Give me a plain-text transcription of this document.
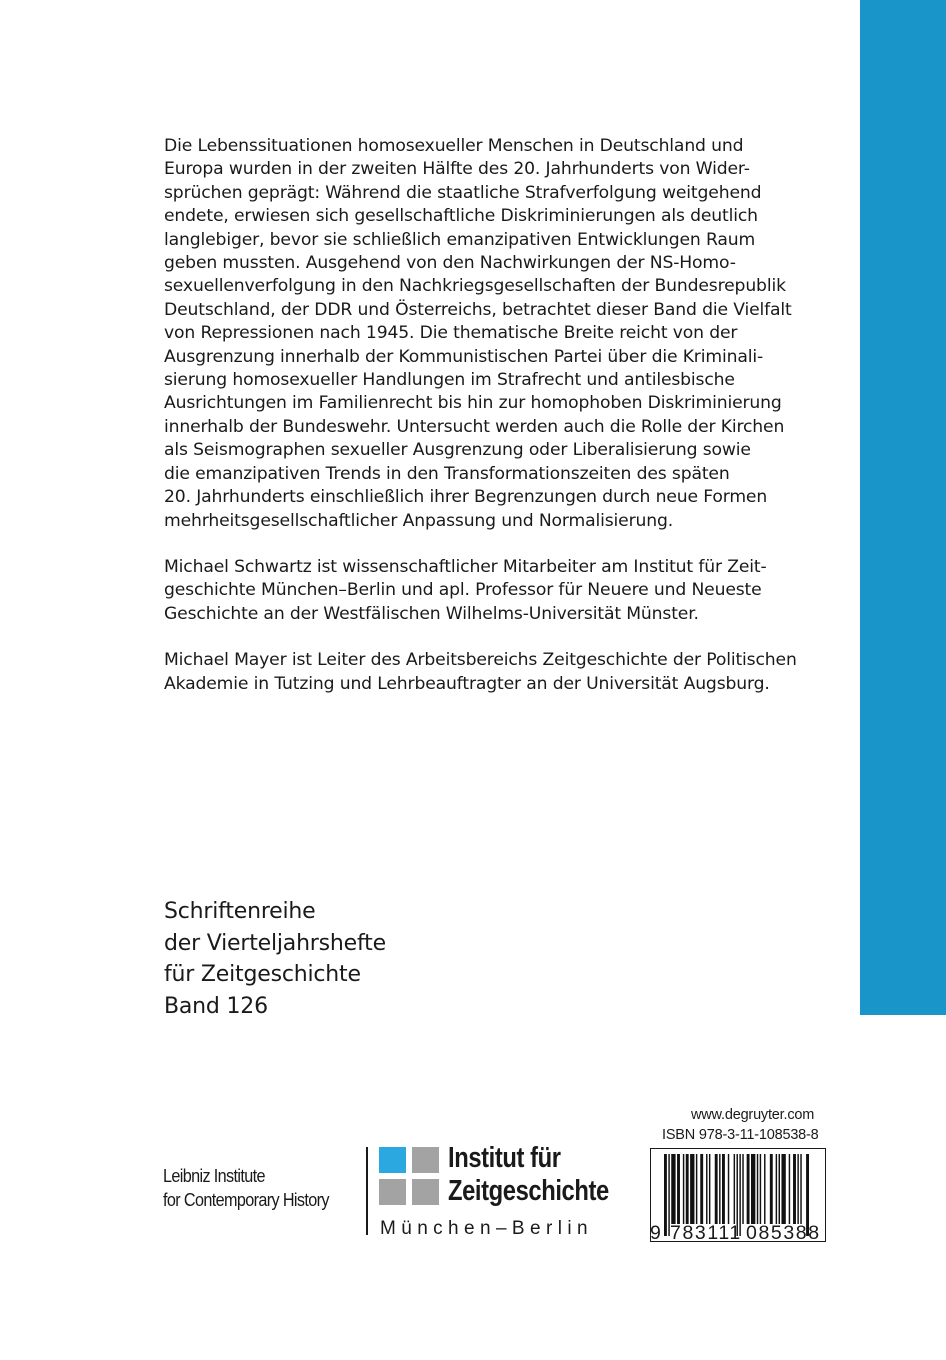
Die Lebenssituationen homosexueller Menschen in Deutschland und
Europa wurden in der zweiten Hälfte des 20. Jahrhunderts von Wider-
sprüchen geprägt: Während die staatliche Strafverfolgung weitgehend
endete, erwiesen sich gesellschaftliche Diskriminierungen als deutlich
langlebiger, bevor sie schließlich emanzipativen Entwicklungen Raum
geben mussten. Ausgehend von den Nachwirkungen der NS-Homo-
sexuellenverfolgung in den Nachkriegsgesellschaften der Bundesrepublik
Deutschland, der DDR und Österreichs, betrachtet dieser Band die Vielfalt
von Repressionen nach 1945. Die thematische Breite reicht von der
Ausgrenzung innerhalb der Kommunistischen Partei über die Kriminali-
sierung homosexueller Handlungen im Strafrecht und antilesbische
Ausrichtungen im Familienrecht bis hin zur homophoben Diskriminierung
innerhalb der Bundeswehr. Untersucht werden auch die Rolle der Kirchen
als Seismographen sexueller Ausgrenzung oder Liberalisierung sowie
die emanzipativen Trends in den Transformationszeiten des späten
20. Jahrhunderts einschließlich ihrer Begrenzungen durch neue Formen
mehrheitsgesellschaftlicher Anpassung und Normalisierung.

Michael Schwartz ist wissenschaftlicher Mitarbeiter am Institut für Zeit-
geschichte München–Berlin und apl. Professor für Neuere und Neueste
Geschichte an der Westfälischen Wilhelms-Universität Münster.

Michael Mayer ist Leiter des Arbeitsbereichs Zeitgeschichte der Politischen
Akademie in Tutzing und Lehrbeauftragter an der Universität Augsburg.

Schriftenreihe
der Vierteljahrshefte
für Zeitgeschichte
Band 126
Leibniz Institute
for Contemporary History
Institut für
Zeitgeschichte
München–Berlin
www.degruyter.com
ISBN 978-3-11-108538-8
9 783111 085388
